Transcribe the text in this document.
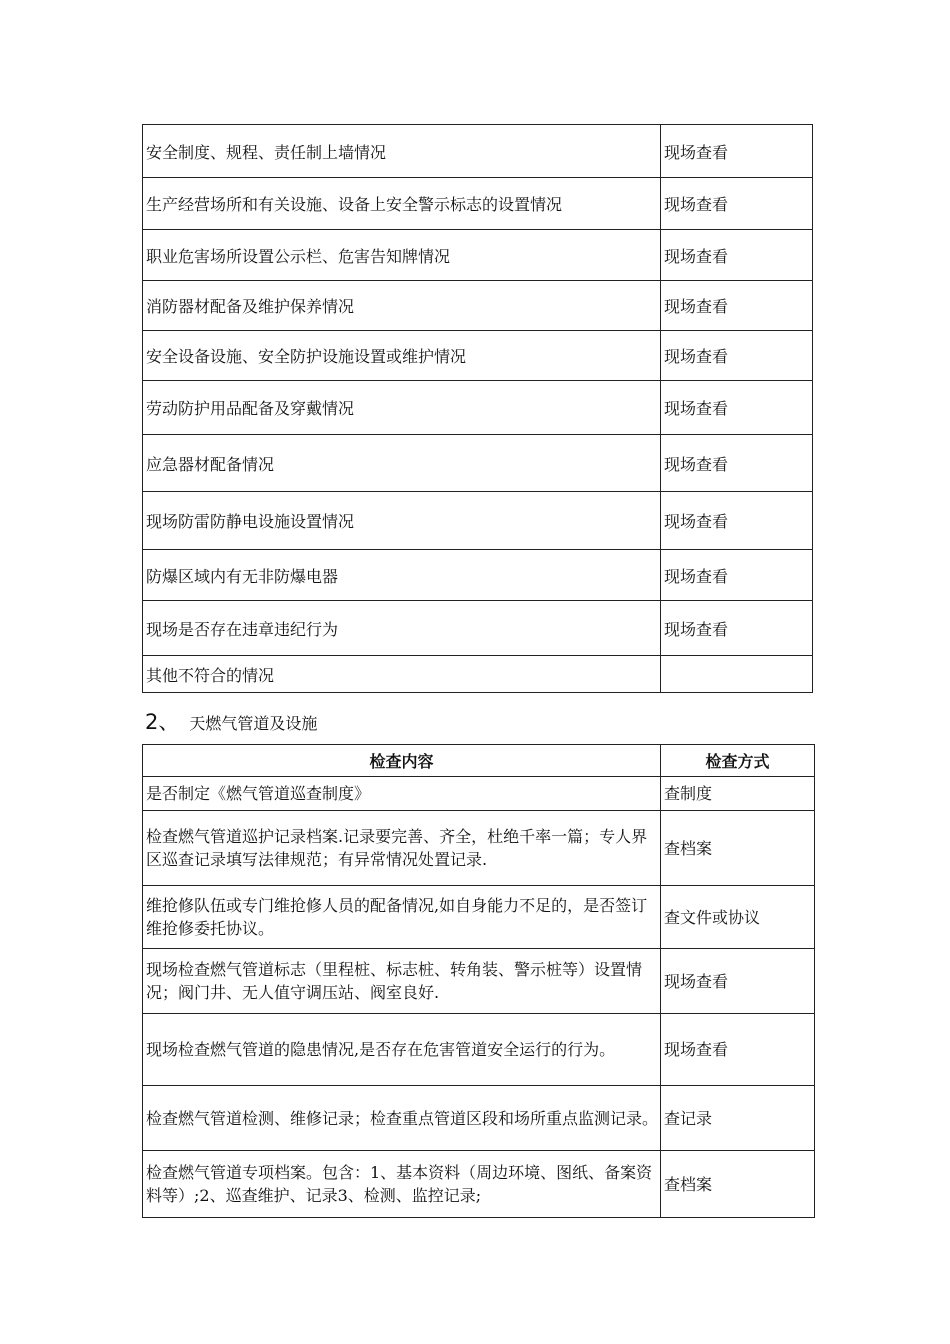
安全制度、规程、责任制上墙情况	现场查看
生产经营场所和有关设施、设备上安全警示标志的设置情况	现场查看
职业危害场所设置公示栏、危害告知牌情况	现场查看
消防器材配备及维护保养情况	现场查看
安全设备设施、安全防护设施设置或维护情况	现场查看
劳动防护用品配备及穿戴情况	现场查看
应急器材配备情况	现场查看
现场防雷防静电设施设置情况	现场查看
防爆区域内有无非防爆电器	现场查看
现场是否存在违章违纪行为	现场查看
其他不符合的情况	
2、 天燃气管道及设施
检查内容	检查方式
是否制定《燃气管道巡查制度》	查制度
检查燃气管道巡护记录档案.记录要完善、齐全，杜绝千率一篇；专人界区巡查记录填写法律规范；有异常情况处置记录.	查档案
维抢修队伍或专门维抢修人员的配备情况,如自身能力不足的，是否签订维抢修委托协议。	查文件或协议
现场检查燃气管道标志（里程桩、标志桩、转角装、警示桩等）设置情况；阀门井、无人值守调压站、阀室良好.	现场查看
现场检查燃气管道的隐患情况,是否存在危害管道安全运行的行为。	现场查看
检查燃气管道检测、维修记录；检查重点管道区段和场所重点监测记录。	查记录
检查燃气管道专项档案。包含：1、基本资料（周边环境、图纸、备案资料等）;2、巡查维护、记录3、检测、监控记录;	查档案
